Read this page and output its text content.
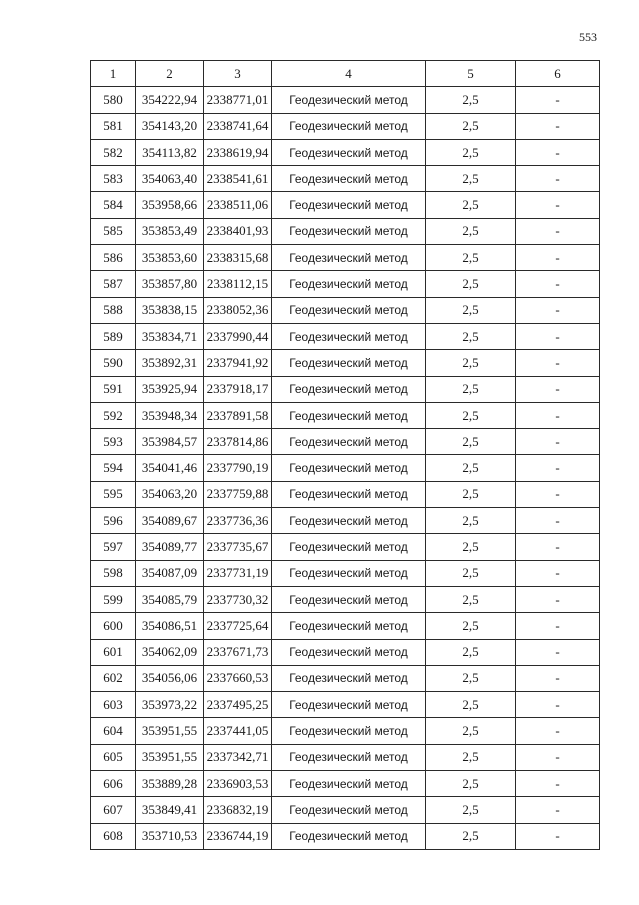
553
1	2	3	4	5	6
580	354222,94	2338771,01	Геодезический метод	2,5	-
581	354143,20	2338741,64	Геодезический метод	2,5	-
582	354113,82	2338619,94	Геодезический метод	2,5	-
583	354063,40	2338541,61	Геодезический метод	2,5	-
584	353958,66	2338511,06	Геодезический метод	2,5	-
585	353853,49	2338401,93	Геодезический метод	2,5	-
586	353853,60	2338315,68	Геодезический метод	2,5	-
587	353857,80	2338112,15	Геодезический метод	2,5	-
588	353838,15	2338052,36	Геодезический метод	2,5	-
589	353834,71	2337990,44	Геодезический метод	2,5	-
590	353892,31	2337941,92	Геодезический метод	2,5	-
591	353925,94	2337918,17	Геодезический метод	2,5	-
592	353948,34	2337891,58	Геодезический метод	2,5	-
593	353984,57	2337814,86	Геодезический метод	2,5	-
594	354041,46	2337790,19	Геодезический метод	2,5	-
595	354063,20	2337759,88	Геодезический метод	2,5	-
596	354089,67	2337736,36	Геодезический метод	2,5	-
597	354089,77	2337735,67	Геодезический метод	2,5	-
598	354087,09	2337731,19	Геодезический метод	2,5	-
599	354085,79	2337730,32	Геодезический метод	2,5	-
600	354086,51	2337725,64	Геодезический метод	2,5	-
601	354062,09	2337671,73	Геодезический метод	2,5	-
602	354056,06	2337660,53	Геодезический метод	2,5	-
603	353973,22	2337495,25	Геодезический метод	2,5	-
604	353951,55	2337441,05	Геодезический метод	2,5	-
605	353951,55	2337342,71	Геодезический метод	2,5	-
606	353889,28	2336903,53	Геодезический метод	2,5	-
607	353849,41	2336832,19	Геодезический метод	2,5	-
608	353710,53	2336744,19	Геодезический метод	2,5	-
